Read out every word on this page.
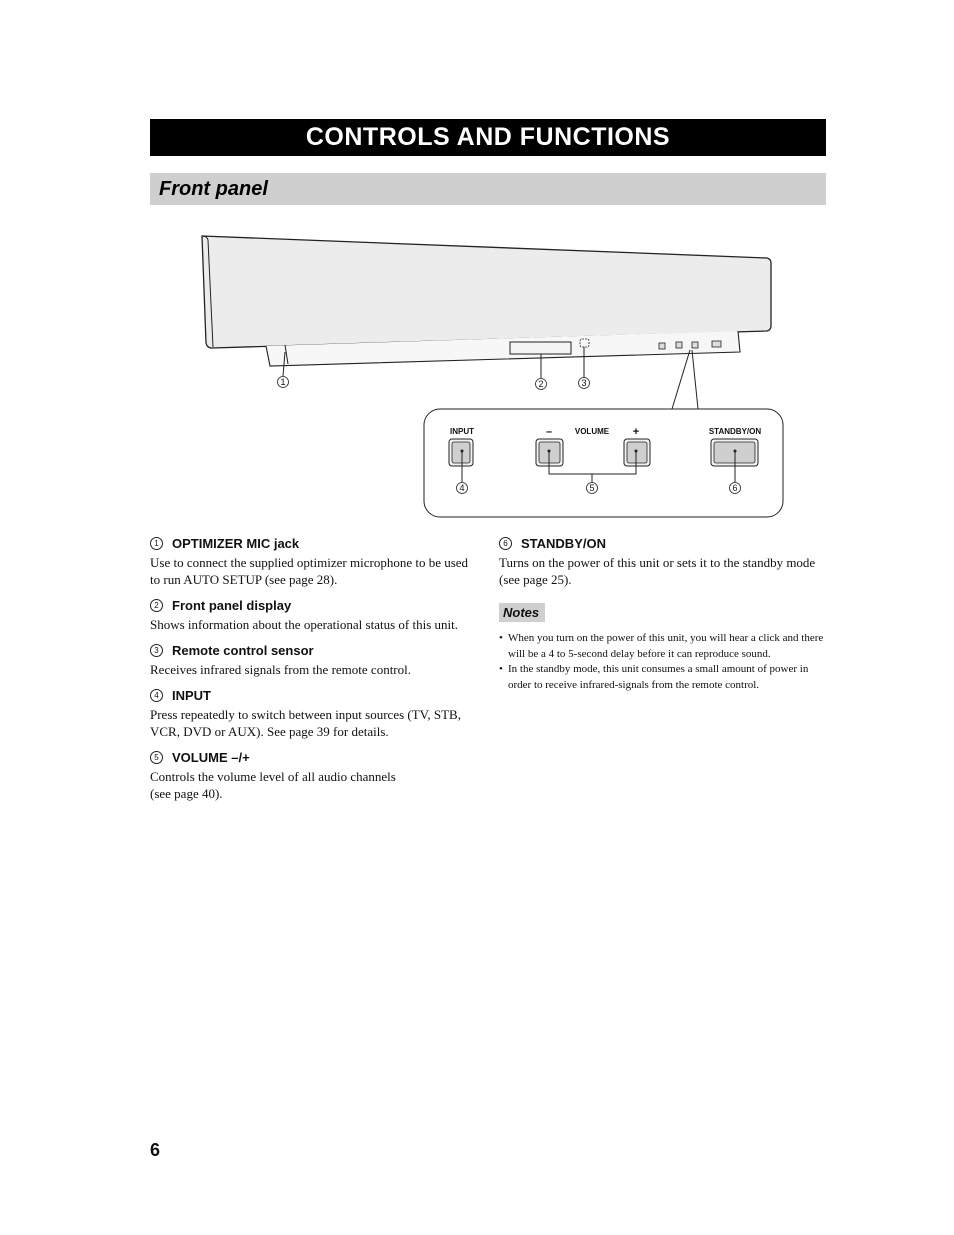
CONTROLS AND FUNCTIONS
Front panel
1	2	3
INPUT	–	VOLUME +	STANDBY/ON
4	5	6
1	OPTIMIZER MIC jack
Use to connect the supplied optimizer microphone to be used to run AUTO SETUP (see page 28).
2	Front panel display
Shows information about the operational status of this unit.
3	Remote control sensor
Receives infrared signals from the remote control.
4	INPUT
Press repeatedly to switch between input sources (TV, STB, VCR, DVD or AUX). See page 39 for details.
5	VOLUME –/+
Controls the volume level of all audio channels (see page 40).
6	STANDBY/ON
Turns on the power of this unit or sets it to the standby mode (see page 25).
Notes
• When you turn on the power of this unit, you will hear a click and there will be a 4 to 5-second delay before it can reproduce sound.
• In the standby mode, this unit consumes a small amount of power in order to receive infrared-signals from the remote control.
6
